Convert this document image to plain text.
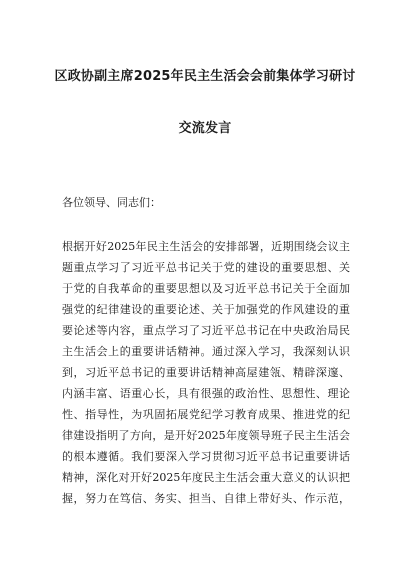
区政协副主席2025年民主生活会会前集体学习研讨
交流发言
各位领导、同志们：
根据开好2025年民主生活会的安排部署，近期围绕会议主
题重点学习了习近平总书记关于党的建设的重要思想、关
于党的自我革命的重要思想以及习近平总书记关于全面加
强党的纪律建设的重要论述、关于加强党的作风建设的重
要论述等内容，重点学习了习近平总书记在中央政治局民
主生活会上的重要讲话精神。通过深入学习，我深刻认识
到，习近平总书记的重要讲话精神高屋建瓴、精辟深邃、
内涵丰富、语重心长，具有很强的政治性、思想性、理论
性、指导性，为巩固拓展党纪学习教育成果、推进党的纪
律建设指明了方向，是开好2025年度领导班子民主生活会
的根本遵循。我们要深入学习贯彻习近平总书记重要讲话
精神，深化对开好2025年度民主生活会重大意义的认识把
握，努力在笃信、务实、担当、自律上带好头、作示范，
